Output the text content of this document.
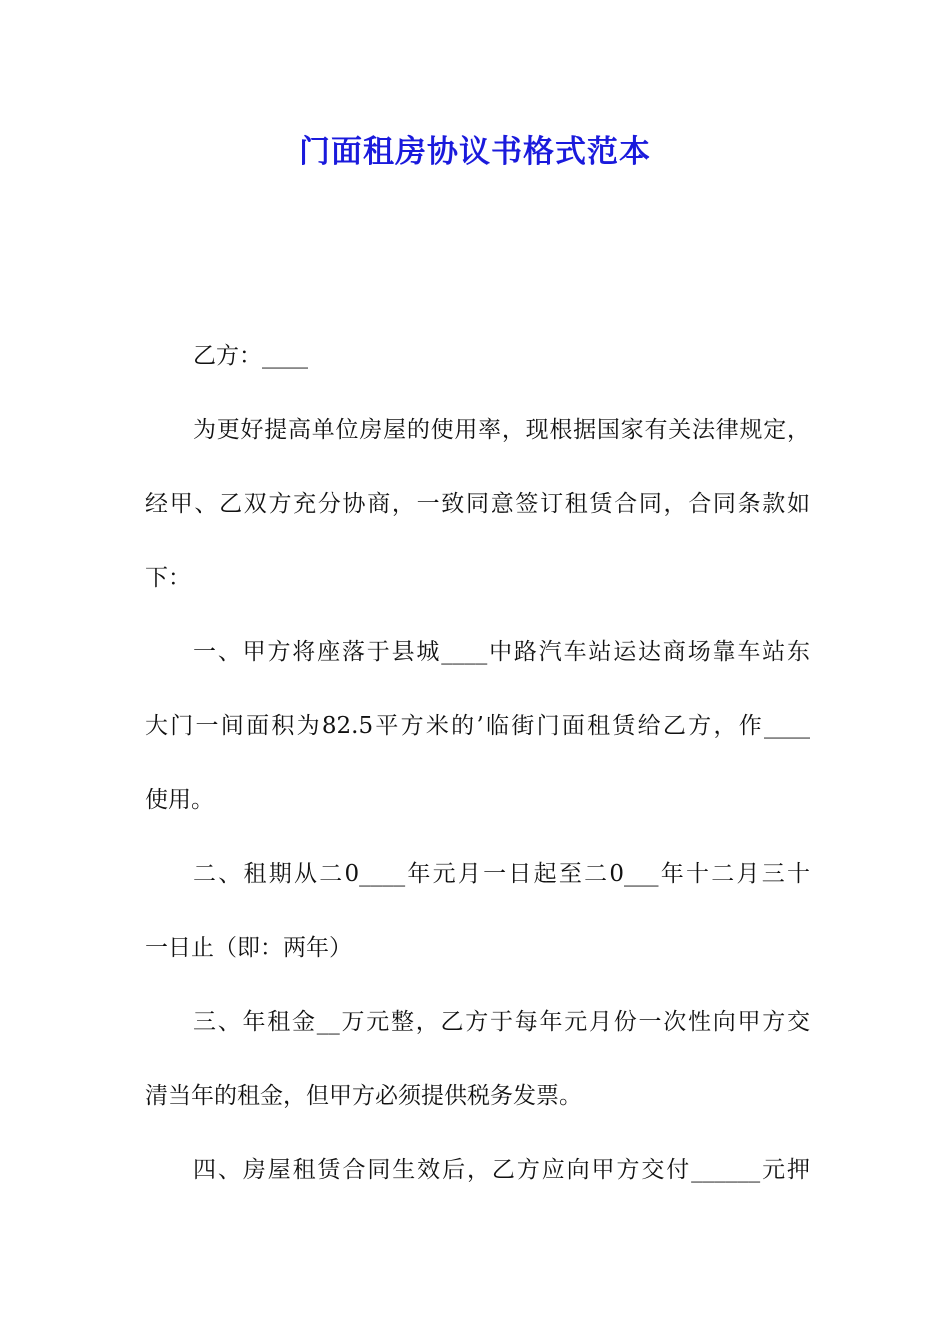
门面租房协议书格式范本
乙方：____
为更好提高单位房屋的使用率，现根据国家有关法律规定，
经甲、乙双方充分协商，一致同意签订租赁合同，合同条款如
下：
一、甲方将座落于县城____中路汽车站运达商场靠车站东
大门一间面积为82.5平方米的’临街门面租赁给乙方，作____
使用。
二、租期从二0____年元月一日起至二0___年十二月三十
一日止（即：两年）
三、年租金__万元整，乙方于每年元月份一次性向甲方交
清当年的租金，但甲方必须提供税务发票。
四、房屋租赁合同生效后，乙方应向甲方交付______元押
